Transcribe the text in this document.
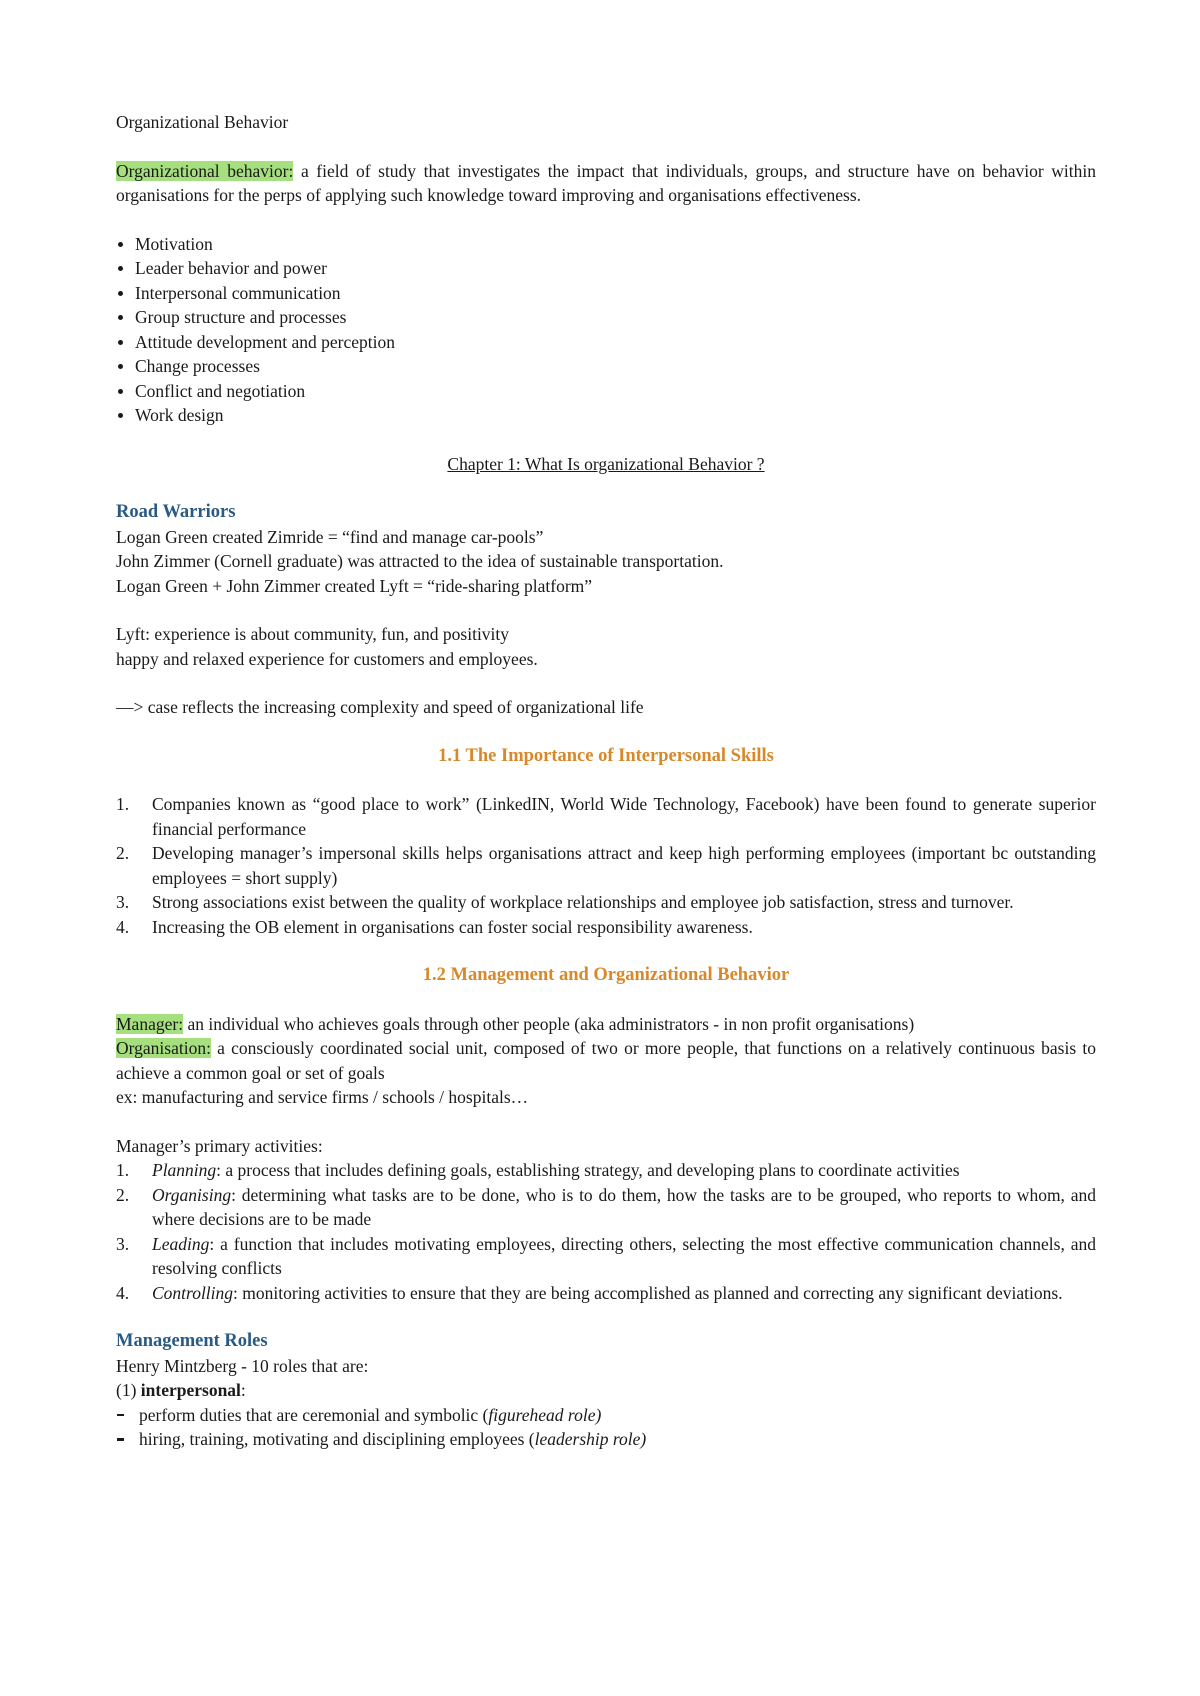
Organizational Behavior

Organizational behavior: a field of study that investigates the impact that individuals, groups, and structure have on behavior within organisations for the perps of applying such knowledge toward improving and organisations effectiveness.

Motivation
Leader behavior and power
Interpersonal communication
Group structure and processes
Attitude development and perception
Change processes
Conflict and negotiation
Work design

Chapter 1: What Is organizational Behavior ?

Road Warriors

Logan Green created Zimride = “find and manage car-pools”

John Zimmer (Cornell graduate) was attracted to the idea of sustainable transportation.

Logan Green + John Zimmer created Lyft = “ride-sharing platform”

Lyft: experience is about community, fun, and positivity

happy and relaxed experience for customers and employees.

—> case reflects the increasing complexity and speed of organizational life

1.1 The Importance of Interpersonal Skills

1.	Companies known as “good place to work” (LinkedIN, World Wide Technology, Facebook) have been found to generate superior financial performance
2.	Developing manager’s impersonal skills helps organisations attract and keep high performing employees (important bc outstanding employees = short supply)
3.	Strong associations exist between the quality of workplace relationships and employee job satisfaction, stress and turnover.
4.	Increasing the OB element in organisations can foster social responsibility awareness.

1.2 Management and Organizational Behavior

Manager: an individual who achieves goals through other people (aka administrators - in non profit organisations)

Organisation: a consciously coordinated social unit, composed of two or more people, that functions on a relatively continuous basis to achieve a common goal or set of goals

ex: manufacturing and service firms / schools / hospitals…

Manager’s primary activities:

1.	Planning: a process that includes defining goals, establishing strategy, and developing plans to coordinate activities
2.	Organising: determining what tasks are to be done, who is to do them, how the tasks are to be grouped, who reports to whom, and where decisions are to be made
3.	Leading: a function that includes motivating employees, directing others, selecting the most effective communication channels, and resolving conflicts
4.	Controlling: monitoring activities to ensure that they are being accomplished as planned and correcting any significant deviations.

Management Roles

Henry Mintzberg - 10 roles that are:

(1) interpersonal:

perform duties that are ceremonial and symbolic (figurehead role)
hiring, training, motivating and disciplining employees (leadership role)
